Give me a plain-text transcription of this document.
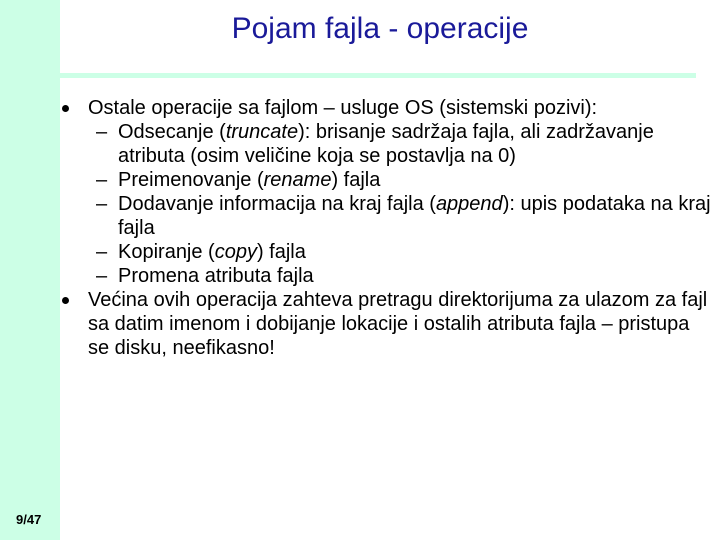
Pojam fajla - operacije
Ostale operacije sa fajlom – usluge OS (sistemski pozivi):
– Odsecanje (truncate): brisanje sadržaja fajla, ali zadržavanje atributa (osim veličine koja se postavlja na 0)
– Preimenovanje (rename) fajla
– Dodavanje informacija na kraj fajla (append): upis podataka na kraj fajla
– Kopiranje (copy) fajla
– Promena atributa fajla
Većina ovih operacija zahteva pretragu direktorijuma za ulazom za fajl sa datim imenom i dobijanje lokacije i ostalih atributa fajla – pristupa se disku, neefikasno!
9/47
